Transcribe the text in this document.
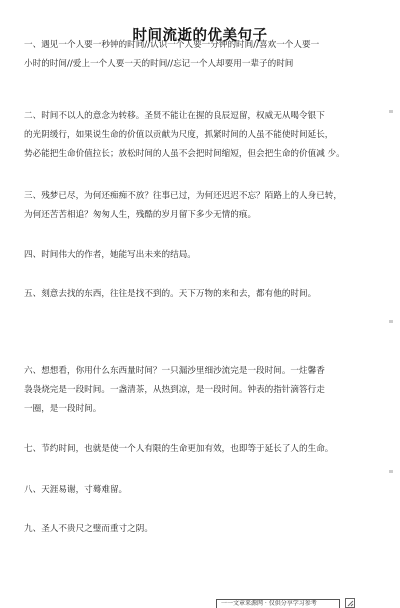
时间流逝的优美句子
一、遇见一个人要一秒钟的时间//认识一个人要一分钟的时间//喜欢一个人要一
小时的时间//爱上一个人要一天的时间//忘记一个人却要用一辈子的时间
二、时间不以人的意念为转移。圣贤不能让在握的良辰逗留，权威无从喝令银下
的光阴缓行，如果说生命的价值以贡献为尺度，抓紧时间的人虽不能使时间延长，
势必能把生命价值拉长；放松时间的人虽不会把时间缩短，但会把生命的价值减 少。
三、残梦已尽，为何还痴痴不放？往事已过，为何还迟迟不忘？陌路上的人身已转，
为何还苦苦相追？匆匆人生，残酷的岁月留下多少无情的痕。
四、时间伟大的作者，她能写出未来的结局。
五、刻意去找的东西，往往是找不到的。天下万物的来和去，都有他的时间。
六、想想看，你用什么东西量时间？一只漏沙里细沙流完是一段时间。一炷馨香
袅袅烧完是一段时间。一盏清茶，从热到凉，是一段时间。钟表的指针滴答行走
一圈，是一段时间。
七、节约时间，也就是使一个人有限的生命更加有效，也即等于延长了人的生命。
八、天涯易谢，寸蓦难留。
九、圣人不贵尺之璧而重寸之阴。
一一文章来源网 · 仅供分享学习参考
